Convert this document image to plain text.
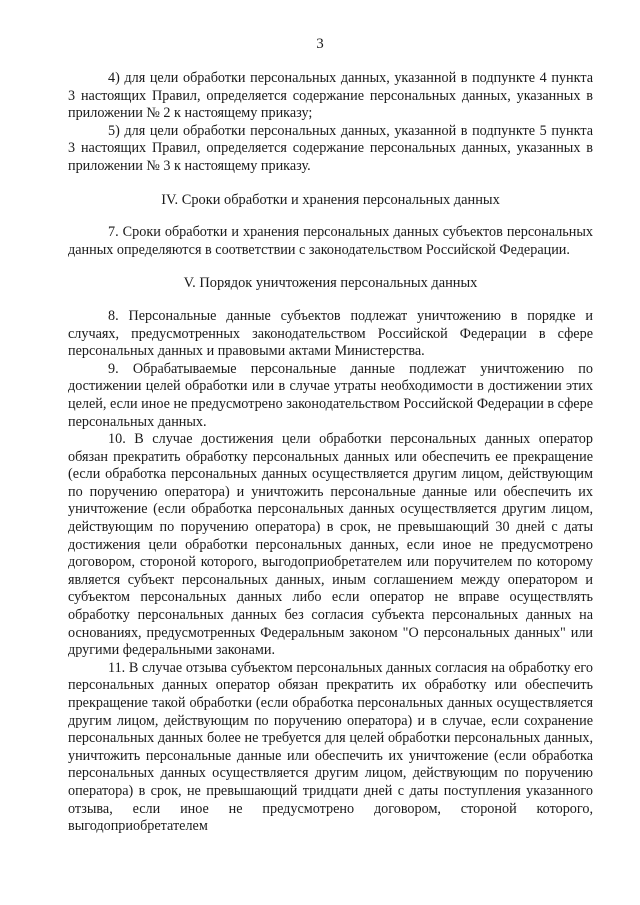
3

4) для цели обработки персональных данных, указанной в подпункте 4 пункта 3 настоящих Правил, определяется содержание персональных данных, указанных в приложении № 2 к настоящему приказу;

5) для цели обработки персональных данных, указанной в подпункте 5 пункта 3 настоящих Правил, определяется содержание персональных данных, указанных в приложении № 3 к настоящему приказу.

IV. Сроки обработки и хранения персональных данных

7. Сроки обработки и хранения персональных данных субъектов персональных данных определяются в соответствии с законодательством Российской Федерации.

V. Порядок уничтожения персональных данных

8. Персональные данные субъектов подлежат уничтожению в порядке и случаях, предусмотренных законодательством Российской Федерации в сфере персональных данных и правовыми актами Министерства.

9. Обрабатываемые персональные данные подлежат уничтожению по достижении целей обработки или в случае утраты необходимости в достижении этих целей, если иное не предусмотрено законодательством Российской Федерации в сфере персональных данных.

10. В случае достижения цели обработки персональных данных оператор обязан прекратить обработку персональных данных или обеспечить ее прекращение (если обработка персональных данных осуществляется другим лицом, действующим по поручению оператора) и уничтожить персональные данные или обеспечить их уничтожение (если обработка персональных данных осуществляется другим лицом, действующим по поручению оператора) в срок, не превышающий 30 дней с даты достижения цели обработки персональных данных, если иное не предусмотрено договором, стороной которого, выгодоприобретателем или поручителем по которому является субъект персональных данных, иным соглашением между оператором и субъектом персональных данных либо если оператор не вправе осуществлять обработку персональных данных без согласия субъекта персональных данных на основаниях, предусмотренных Федеральным законом "О персональных данных" или другими федеральными законами.

11. В случае отзыва субъектом персональных данных согласия на обработку его персональных данных оператор обязан прекратить их обработку или обеспечить прекращение такой обработки (если обработка персональных данных осуществляется другим лицом, действующим по поручению оператора) и в случае, если сохранение персональных данных более не требуется для целей обработки персональных данных, уничтожить персональные данные или обеспечить их уничтожение (если обработка персональных данных осуществляется другим лицом, действующим по поручению оператора) в срок, не превышающий тридцати дней с даты поступления указанного отзыва, если иное не предусмотрено договором, стороной которого, выгодоприобретателем
